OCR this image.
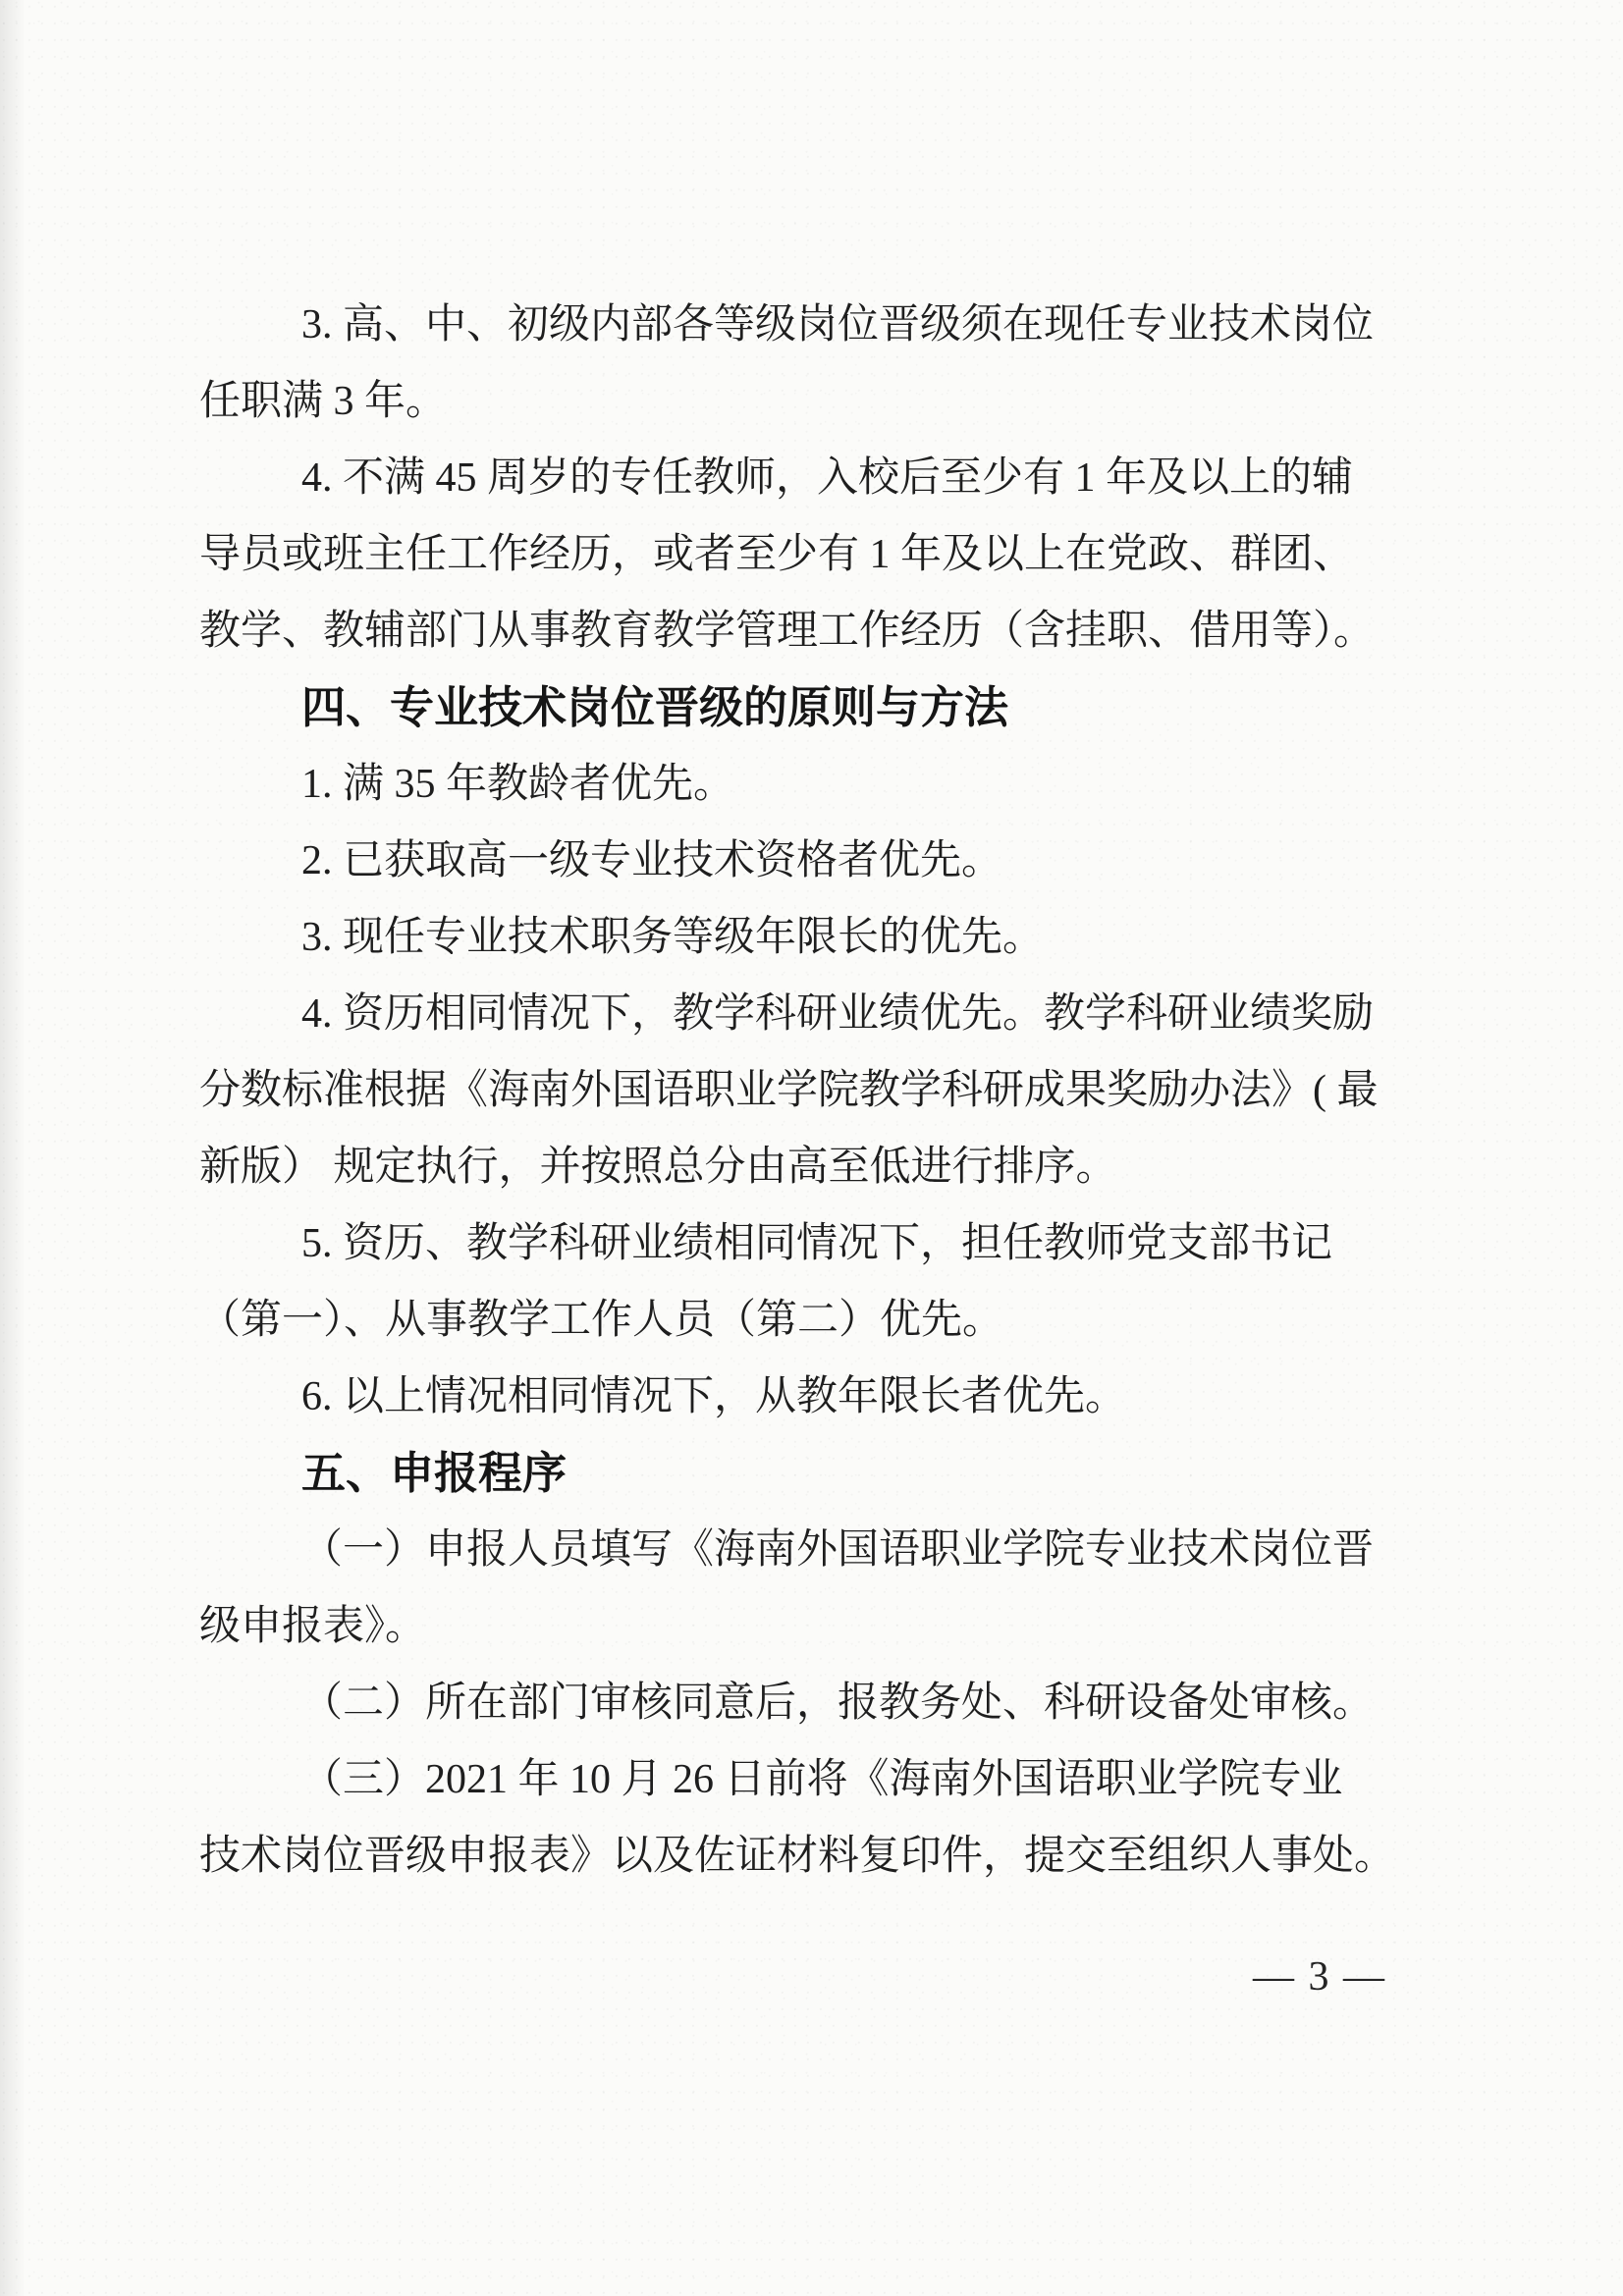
3. 高、中、初级内部各等级岗位晋级须在现任专业技术岗位
任职满 3 年。
4. 不满 45 周岁的专任教师，入校后至少有 1 年及以上的辅
导员或班主任工作经历，或者至少有 1 年及以上在党政、群团、
教学、教辅部门从事教育教学管理工作经历（含挂职、借用等）。
四、专业技术岗位晋级的原则与方法
1. 满 35 年教龄者优先。
2. 已获取高一级专业技术资格者优先。
3. 现任专业技术职务等级年限长的优先。
4. 资历相同情况下，教学科研业绩优先。教学科研业绩奖励
分数标准根据《海南外国语职业学院教学科研成果奖励办法》( 最
新版） 规定执行，并按照总分由高至低进行排序。
5. 资历、教学科研业绩相同情况下，担任教师党支部书记
（第一）、从事教学工作人员（第二）优先。
6. 以上情况相同情况下，从教年限长者优先。
五、申报程序
（一）申报人员填写《海南外国语职业学院专业技术岗位晋
级申报表》。
（二）所在部门审核同意后，报教务处、科研设备处审核。
（三）2021 年 10 月 26 日前将《海南外国语职业学院专业
技术岗位晋级申报表》以及佐证材料复印件，提交至组织人事处。
— 3 —
